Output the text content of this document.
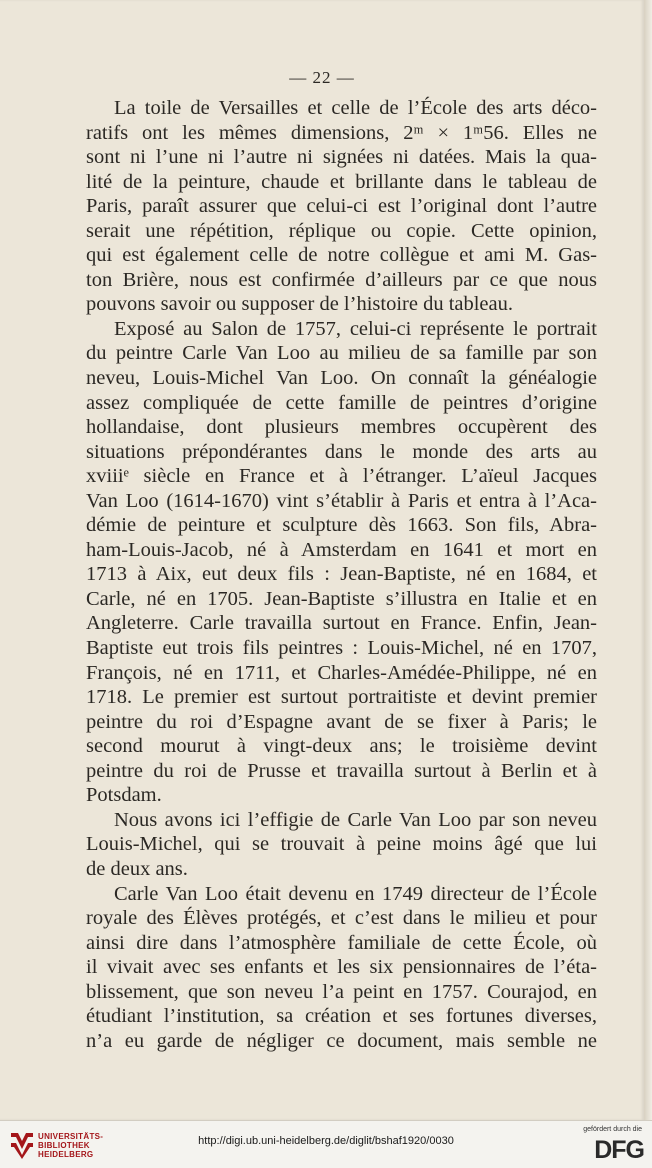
— 22 —
La toile de Versailles et celle de l’École des arts déco-
ratifs ont les mêmes dimensions, 2ᵐ × 1ᵐ56. Elles ne
sont ni l’une ni l’autre ni signées ni datées. Mais la qua-
lité de la peinture, chaude et brillante dans le tableau de
Paris, paraît assurer que celui-ci est l’original dont l’autre
serait une répétition, réplique ou copie. Cette opinion,
qui est également celle de notre collègue et ami M. Gas-
ton Brière, nous est confirmée d’ailleurs par ce que nous
pouvons savoir ou supposer de l’histoire du tableau.
Exposé au Salon de 1757, celui-ci représente le portrait
du peintre Carle Van Loo au milieu de sa famille par son
neveu, Louis-Michel Van Loo. On connaît la généalogie
assez compliquée de cette famille de peintres d’origine
hollandaise, dont plusieurs membres occupèrent des
situations prépondérantes dans le monde des arts au
xviiiᵉ siècle en France et à l’étranger. L’aïeul Jacques
Van Loo (1614-1670) vint s’établir à Paris et entra à l’Aca-
démie de peinture et sculpture dès 1663. Son fils, Abra-
ham-Louis-Jacob, né à Amsterdam en 1641 et mort en
1713 à Aix, eut deux fils : Jean-Baptiste, né en 1684, et
Carle, né en 1705. Jean-Baptiste s’illustra en Italie et en
Angleterre. Carle travailla surtout en France. Enfin, Jean-
Baptiste eut trois fils peintres : Louis-Michel, né en 1707,
François, né en 1711, et Charles-Amédée-Philippe, né en
1718. Le premier est surtout portraitiste et devint premier
peintre du roi d’Espagne avant de se fixer à Paris; le
second mourut à vingt-deux ans; le troisième devint
peintre du roi de Prusse et travailla surtout à Berlin et à
Potsdam.
Nous avons ici l’effigie de Carle Van Loo par son neveu
Louis-Michel, qui se trouvait à peine moins âgé que lui
de deux ans.
Carle Van Loo était devenu en 1749 directeur de l’École
royale des Élèves protégés, et c’est dans le milieu et pour
ainsi dire dans l’atmosphère familiale de cette École, où
il vivait avec ses enfants et les six pensionnaires de l’éta-
blissement, que son neveu l’a peint en 1757. Courajod, en
étudiant l’institution, sa création et ses fortunes diverses,
n’a eu garde de négliger ce document, mais semble ne
UNIVERSITÄTS-
BIBLIOTHEK
HEIDELBERG
http://digi.ub.uni-heidelberg.de/diglit/bshaf1920/0030
gefördert durch die
DFG
